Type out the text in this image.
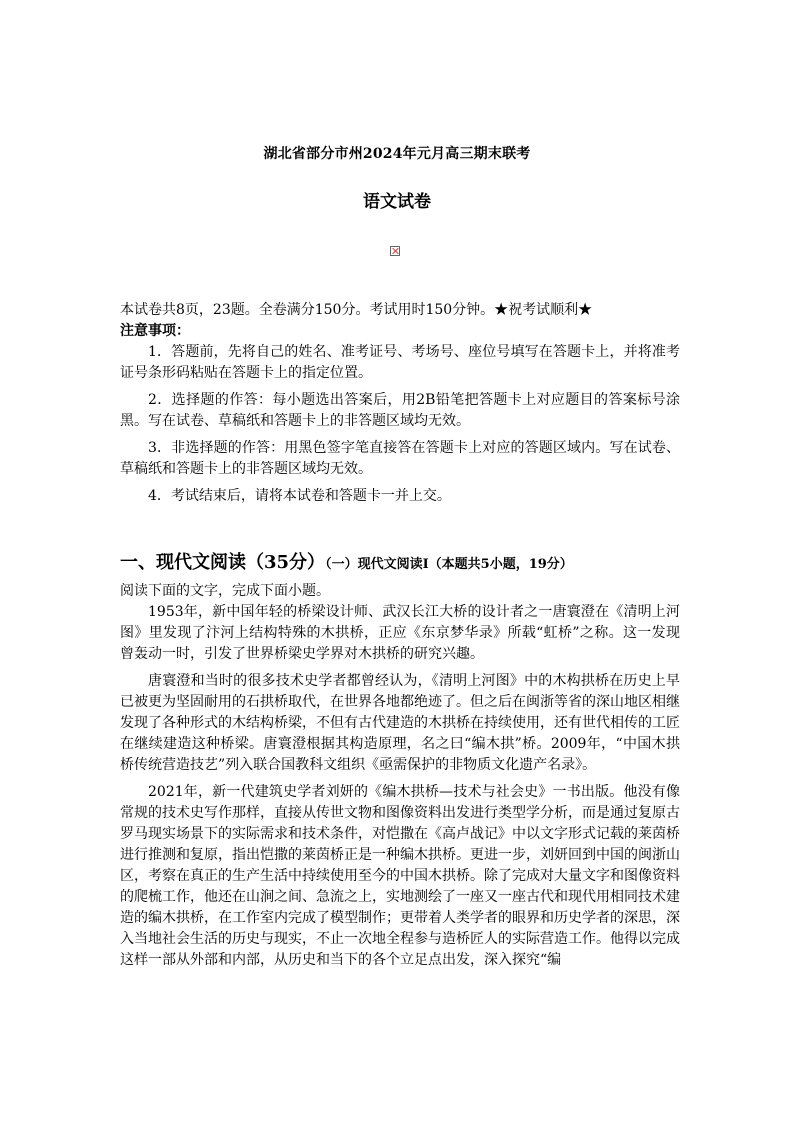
湖北省部分市州2024年元月高三期末联考
语文试卷

本试卷共8页，23题。全卷满分150分。考试用时150分钟。★祝考试顺利★

注意事项：

1．答题前，先将自己的姓名、准考证号、考场号、座位号填写在答题卡上，并将准考证号条形码粘贴在答题卡上的指定位置。

2．选择题的作答：每小题选出答案后，用2B铅笔把答题卡上对应题目的答案标号涂黑。写在试卷、草稿纸和答题卡上的非答题区域均无效。

3．非选择题的作答：用黑色签字笔直接答在答题卡上对应的答题区域内。写在试卷、草稿纸和答题卡上的非答题区域均无效。

4．考试结束后，请将本试卷和答题卡一并上交。

一、现代文阅读（35分）（一）现代文阅读Ⅰ（本题共5小题，19分）

阅读下面的文字，完成下面小题。

1953年，新中国年轻的桥梁设计师、武汉长江大桥的设计者之一唐寰澄在《清明上河图》里发现了汴河上结构特殊的木拱桥，正应《东京梦华录》所载“虹桥”之称。这一发现曾轰动一时，引发了世界桥梁史学界对木拱桥的研究兴趣。

唐寰澄和当时的很多技术史学者都曾经认为，《清明上河图》中的木构拱桥在历史上早已被更为坚固耐用的石拱桥取代，在世界各地都绝迹了。但之后在闽浙等省的深山地区相继发现了各种形式的木结构桥梁，不但有古代建造的木拱桥在持续使用，还有世代相传的工匠在继续建造这种桥梁。唐寰澄根据其构造原理，名之曰“编木拱”桥。2009年，“中国木拱桥传统营造技艺”列入联合国教科文组织《亟需保护的非物质文化遗产名录》。

2021年，新一代建筑史学者刘妍的《编木拱桥—技术与社会史》一书出版。他没有像常规的技术史写作那样，直接从传世文物和图像资料出发进行类型学分析，而是通过复原古罗马现实场景下的实际需求和技术条件，对恺撒在《高卢战记》中以文字形式记载的莱茵桥进行推测和复原，指出恺撒的莱茵桥正是一种编木拱桥。更进一步，刘妍回到中国的闽浙山区，考察在真正的生产生活中持续使用至今的中国木拱桥。除了完成对大量文字和图像资料的爬梳工作，他还在山涧之间、急流之上，实地测绘了一座又一座古代和现代用相同技术建造的编木拱桥，在工作室内完成了模型制作；更带着人类学者的眼界和历史学者的深思，深入当地社会生活的历史与现实，不止一次地全程参与造桥匠人的实际营造工作。他得以完成这样一部从外部和内部，从历史和当下的各个立足点出发，深入探究“编
